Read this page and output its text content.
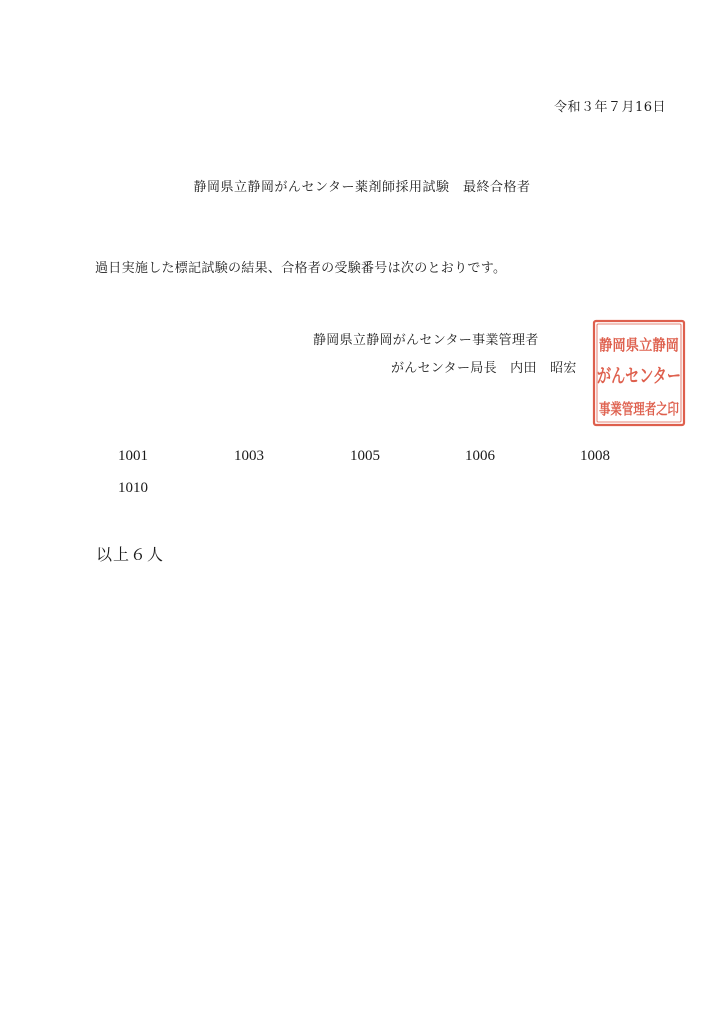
令和３年７月16日
静岡県立静岡がんセンター薬剤師採用試験　最終合格者
過日実施した標記試験の結果、合格者の受験番号は次のとおりです。
静岡県立静岡がんセンター事業管理者
がんセンター局長　内田　昭宏
静岡県立静岡
がんセンター
事業管理者之印
1001	1003	1005	1006	1008
1010
以上６人
